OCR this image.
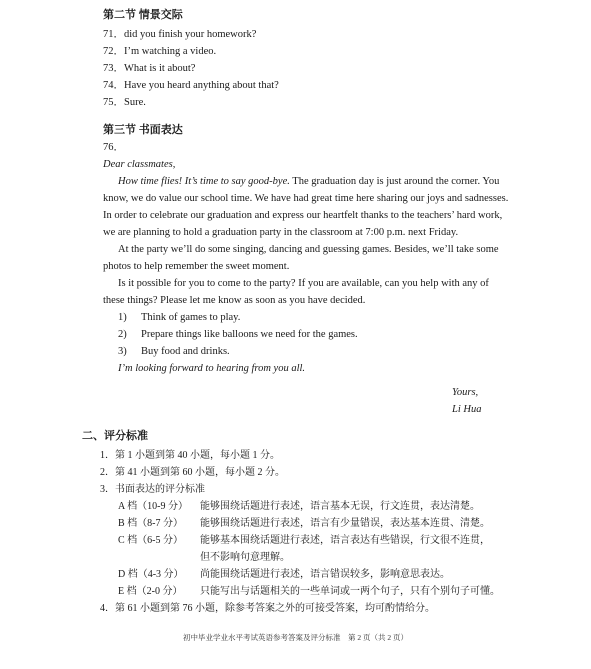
第二节 情景交际
71．did you finish your homework?
72．I’m watching a video.
73．What is it about?
74．Have you heard anything about that?
75．Sure.
第三节 书面表达
76．
Dear classmates,
How time flies! It’s time to say good-bye. The graduation day is just around the corner. You
know, we do value our school time. We have had great time here sharing our joys and sadnesses.
In order to celebrate our graduation and express our heartfelt thanks to the teachers’ hard work,
we are planning to hold a graduation party in the classroom at 7:00 p.m. next Friday.
At the party we’ll do some singing, dancing and guessing games. Besides, we’ll take some
photos to help remember the sweet moment.
Is it possible for you to come to the party? If you are available, can you help with any of
these things? Please let me know as soon as you have decided.
1) Think of games to play.
2) Prepare things like balloons we need for the games.
3) Buy food and drinks.
I’m looking forward to hearing from you all.
Yours,
Li Hua
二、评分标准
1．第 1 小题到第 40 小题，每小题 1 分。
2．第 41 小题到第 60 小题，每小题 2 分。
3．书面表达的评分标准
A 档（10-9 分） 能够围绕话题进行表述，语言基本无误，行文连贯，表达清楚。
B 档（8-7 分） 能够围绕话题进行表述，语言有少量错误，表达基本连贯、清楚。
C 档（6-5 分） 能够基本围绕话题进行表述，语言表达有些错误，行文很不连贯，
但不影响句意理解。
D 档（4-3 分） 尚能围绕话题进行表述，语言错误较多，影响意思表达。
E 档（2-0 分） 只能写出与话题相关的一些单词或一两个句子，只有个别句子可懂。
4．第 61 小题到第 76 小题，除参考答案之外的可接受答案，均可酌情给分。
初中毕业学业水平考试英语参考答案及评分标准　第 2 页（共 2 页）
